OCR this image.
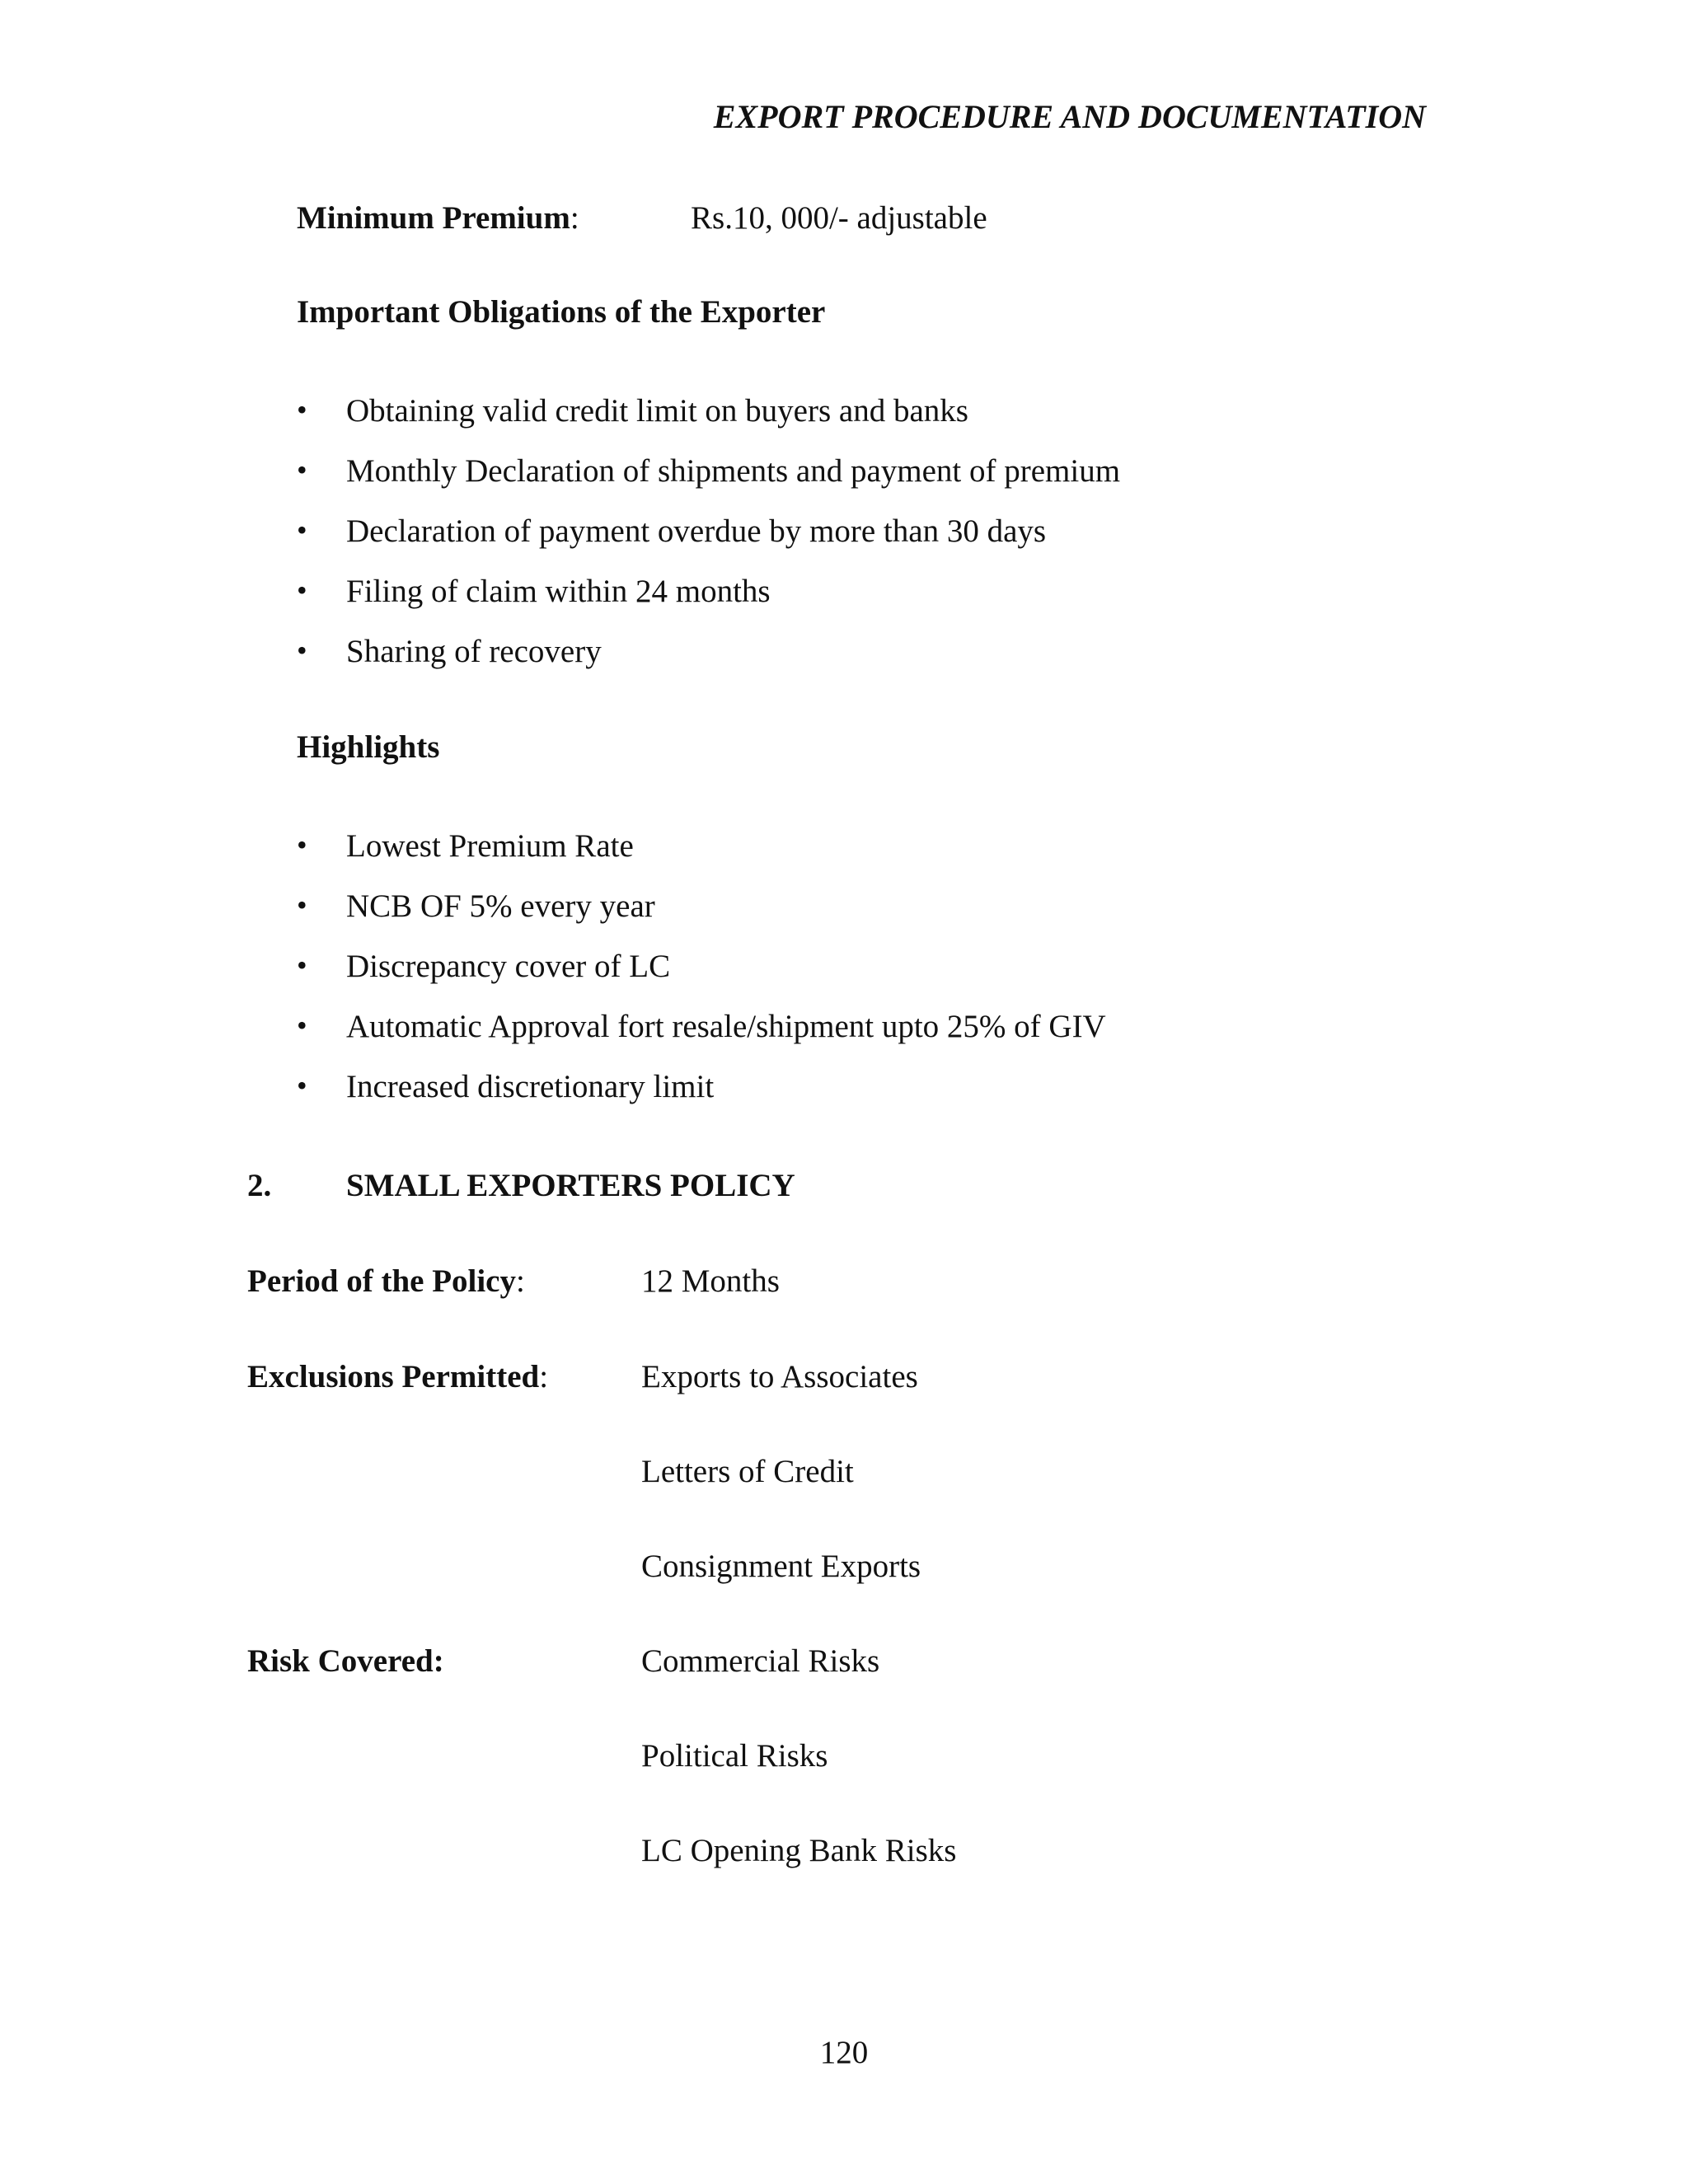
EXPORT PROCEDURE AND DOCUMENTATION
Minimum Premium:	Rs.10, 000/- adjustable
Important Obligations of the Exporter
• Obtaining valid credit limit on buyers and banks
• Monthly Declaration of shipments and payment of premium
• Declaration of payment overdue by more than 30 days
• Filing of claim within 24 months
• Sharing of recovery
Highlights
• Lowest Premium Rate
• NCB OF 5% every year
• Discrepancy cover of LC
• Automatic Approval fort resale/shipment upto 25% of GIV
• Increased discretionary limit
2. SMALL EXPORTERS POLICY
Period of the Policy:	12 Months
Exclusions Permitted:	Exports to Associates
Letters of Credit
Consignment Exports
Risk Covered:	Commercial Risks
Political Risks
LC Opening Bank Risks
120
